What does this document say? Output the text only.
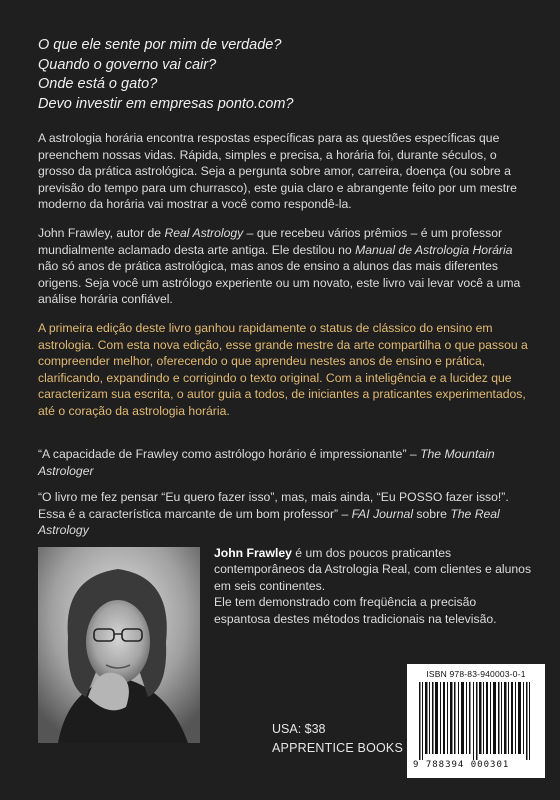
O que ele sente por mim de verdade?
Quando o governo vai cair?
Onde está o gato?
Devo investir em empresas ponto.com?
A astrologia horária encontra respostas específicas para as questões específicas que preenchem nossas vidas. Rápida, simples e precisa, a horária foi, durante séculos, o grosso da prática astrológica. Seja a pergunta sobre amor, carreira, doença (ou sobre a previsão do tempo para um churrasco), este guia claro e abrangente feito por um mestre moderno da horária vai mostrar a você como respondê-la.
John Frawley, autor de Real Astrology – que recebeu vários prêmios – é um professor mundialmente aclamado desta arte antiga. Ele destilou no Manual de Astrologia Horária não só anos de prática astrológica, mas anos de ensino a alunos das mais diferentes origens. Seja você um astrólogo experiente ou um novato, este livro vai levar você a uma análise horária confiável.
A primeira edição deste livro ganhou rapidamente o status de clássico do ensino em astrologia. Com esta nova edição, esse grande mestre da arte compartilha o que passou a compreender melhor, oferecendo o que aprendeu nestes anos de ensino e prática, clarificando, expandindo e corrigindo o texto original. Com a inteligência e a lucidez que caracterizam sua escrita, o autor guia a todos, de iniciantes a praticantes experimentados, até o coração da astrologia horária.
“A capacidade de Frawley como astrólogo horário é impressionante” – The Mountain Astrologer
“O livro me fez pensar “Eu quero fazer isso”, mas, mais ainda, “Eu POSSO fazer isso!”. Essa é a característica marcante de um bom professor” – FAI Journal sobre The Real Astrology
John Frawley é um dos poucos praticantes contemporâneos da Astrologia Real, com clientes e alunos em seis continentes.
Ele tem demonstrado com freqüência a precisão espantosa destes métodos tradicionais na televisão.
USA: $38
APPRENTICE BOOKS
ISBN 978-83-940003-0-1
9 788394 000301
